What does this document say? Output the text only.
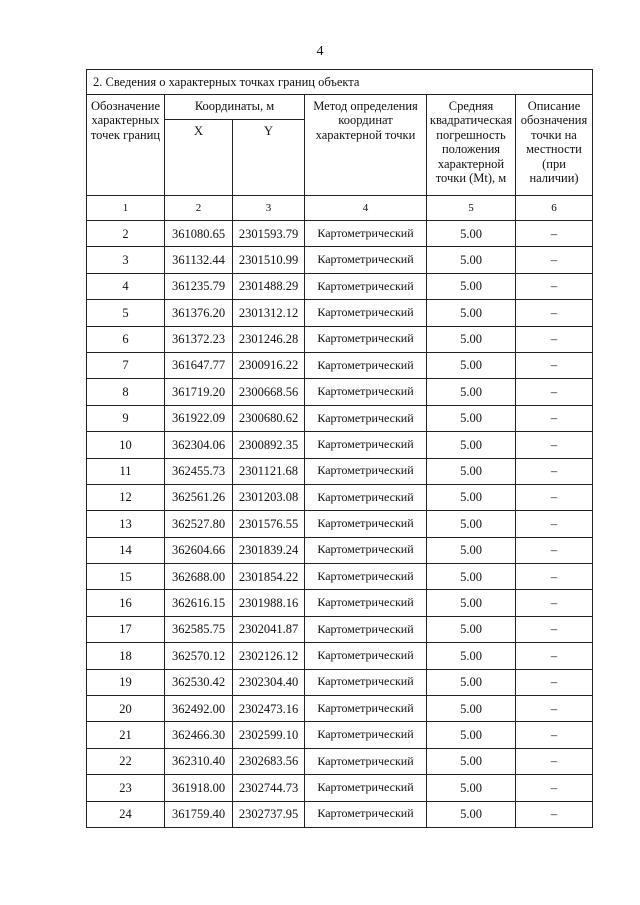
4
2. Сведения о характерных точках границ объекта					
Обозначение характерных точек границ	Координаты, м		Метод определения координат характерной точки	Средняя квадратическая погрешность положения характерной точки (Mt), м	Описание обозначения точки на местности (при наличии)
	X	Y			
1	2	3	4	5	6
2	361080.65	2301593.79	Картометрический	5.00	–
3	361132.44	2301510.99	Картометрический	5.00	–
4	361235.79	2301488.29	Картометрический	5.00	–
5	361376.20	2301312.12	Картометрический	5.00	–
6	361372.23	2301246.28	Картометрический	5.00	–
7	361647.77	2300916.22	Картометрический	5.00	–
8	361719.20	2300668.56	Картометрический	5.00	–
9	361922.09	2300680.62	Картометрический	5.00	–
10	362304.06	2300892.35	Картометрический	5.00	–
11	362455.73	2301121.68	Картометрический	5.00	–
12	362561.26	2301203.08	Картометрический	5.00	–
13	362527.80	2301576.55	Картометрический	5.00	–
14	362604.66	2301839.24	Картометрический	5.00	–
15	362688.00	2301854.22	Картометрический	5.00	–
16	362616.15	2301988.16	Картометрический	5.00	–
17	362585.75	2302041.87	Картометрический	5.00	–
18	362570.12	2302126.12	Картометрический	5.00	–
19	362530.42	2302304.40	Картометрический	5.00	–
20	362492.00	2302473.16	Картометрический	5.00	–
21	362466.30	2302599.10	Картометрический	5.00	–
22	362310.40	2302683.56	Картометрический	5.00	–
23	361918.00	2302744.73	Картометрический	5.00	–
24	361759.40	2302737.95	Картометрический	5.00	–
